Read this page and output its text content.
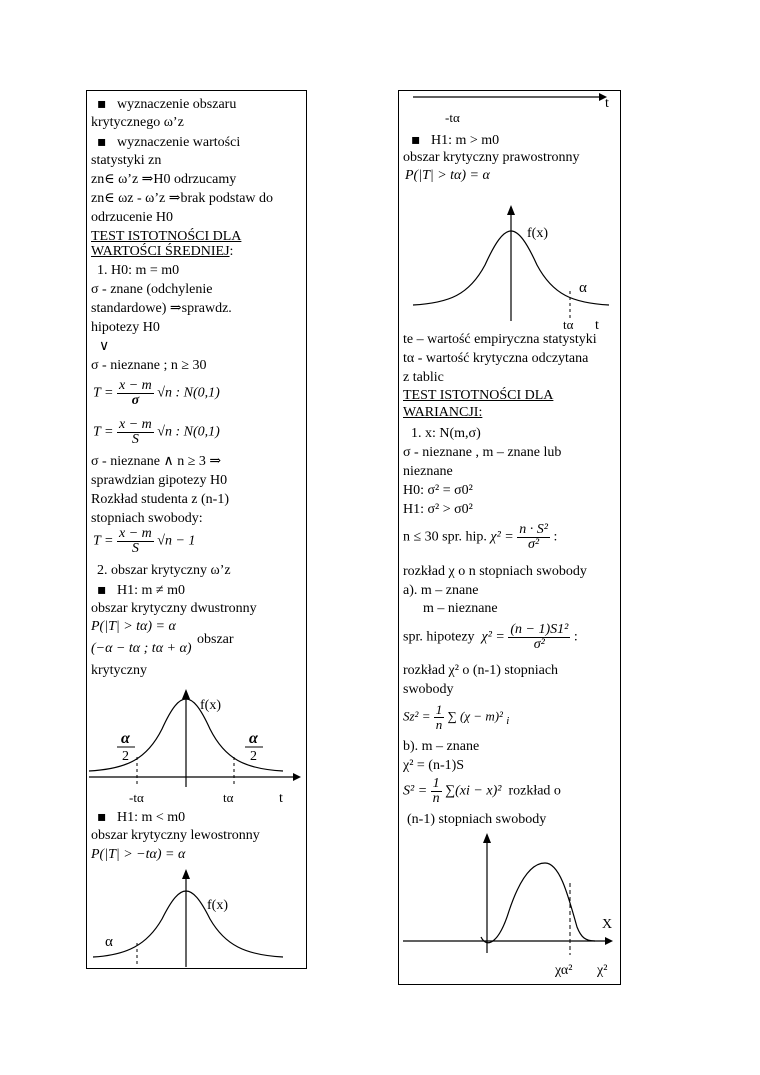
▪ wyznaczenie obszaru
krytycznego ω’z
▪ wyznaczenie wartości
statystyki zn
zn∈ ω’z ⇒H0 odrzucamy
zn∈ ωz - ω’z ⇒brak podstaw do
odrzucenie H0
TEST ISTOTNOŚCI DLA
WARTOŚCI ŚREDNIEJ:
1. H0: m = m0
σ - znane (odchylenie
standardowe) ⇒sprawdz.
hipotezy H0
∨
σ - nieznane ; n ≥ 30
$T = \frac{x - m}{\sigma} √n$ : N(0,1)
$T = \frac{x - m}{S} √n$ : N(0,1)
σ - nieznane ∧ n ≥ 3 ⇒
sprawdzian gipotezy H0
Rozkład studenta z (n-1)
stopniach swobody:
$T = \frac{x - m}{S} √n - 1$
2. obszar krytyczny ω’z
▪ H1: m ≠ m0
obszar krytyczny dwustronny
P(|T| > tα) = α
(−α − tα ; tα + α)
obszar
krytyczny
f(x)
α
2
α
2
-tα	tα	t
▪ H1: m < m0
obszar krytyczny lewostronny
P(|T| > −tα) = α
f(x)
α
t
-tα
▪ H1: m > m0
obszar krytyczny prawostronny
P(|T| > tα) = α
f(x)
α
tα t
te – wartość empiryczna statystyki
tα - wartość krytyczna odczytana
z tablic
TEST ISTOTNOŚCI DLA
WARIANCJI:
1. x: N(m,σ)
σ - nieznane , m – znane lub
nieznane
H0: σ² = σ0²
H1: σ² > σ0²
n ≤ 30 spr. hip. $\chi^2 = \frac{\text{n · S²}}{\text{σ²}}$ :
rozkład χ o n stopniach swobody
a). m – znane
m – nieznane
spr. hipotezy $\chi^2 = \frac{\text{(n − 1)S1²}}{\text{σ²}}$ :
rozkład χ² o (n-1) stopniach
swobody
$Sz^2 = \frac{1}{n}$ ∑ (χ − m)² $_i$
b). m – znane
χ² = (n-1)S
$S^2 = \frac{1}{n} \sum(xi - x)^2$ rozkład o
(n-1) stopniach swobody
X
χα² χ²
